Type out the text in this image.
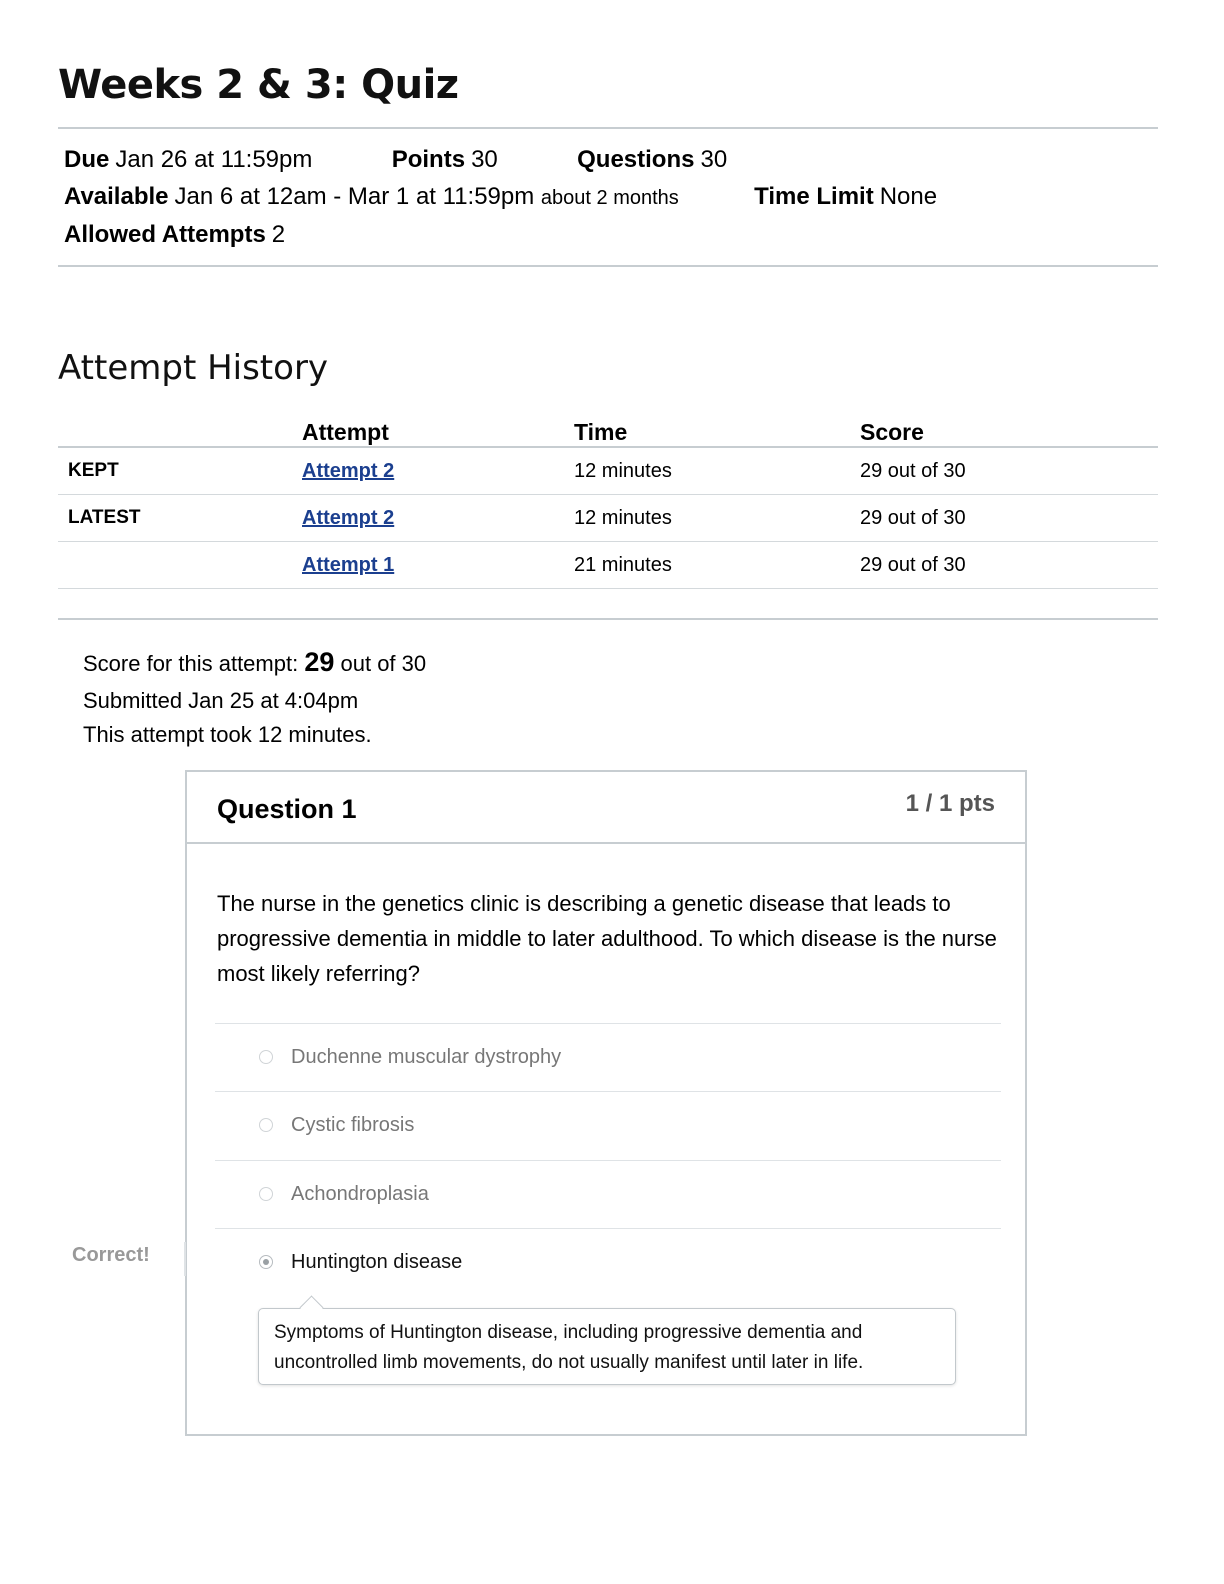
Weeks 2 & 3: Quiz
Due Jan 26 at 11:59pm	Points 30	Questions 30
Available Jan 6 at 12am - Mar 1 at 11:59pm about 2 months	Time Limit None
Allowed Attempts 2
Attempt History
	Attempt	Time	Score
KEPT	Attempt 2	12 minutes	29 out of 30
LATEST	Attempt 2	12 minutes	29 out of 30
	Attempt 1	21 minutes	29 out of 30
Score for this attempt: 29 out of 30
Submitted Jan 25 at 4:04pm
This attempt took 12 minutes.
Question 1	1 / 1 pts
The nurse in the genetics clinic is describing a genetic disease that leads to progressive dementia in middle to later adulthood. To which disease is the nurse most likely referring?
Duchenne muscular dystrophy
Cystic fibrosis
Achondroplasia
Huntington disease
Correct!
Symptoms of Huntington disease, including progressive dementia and uncontrolled limb movements, do not usually manifest until later in life.
